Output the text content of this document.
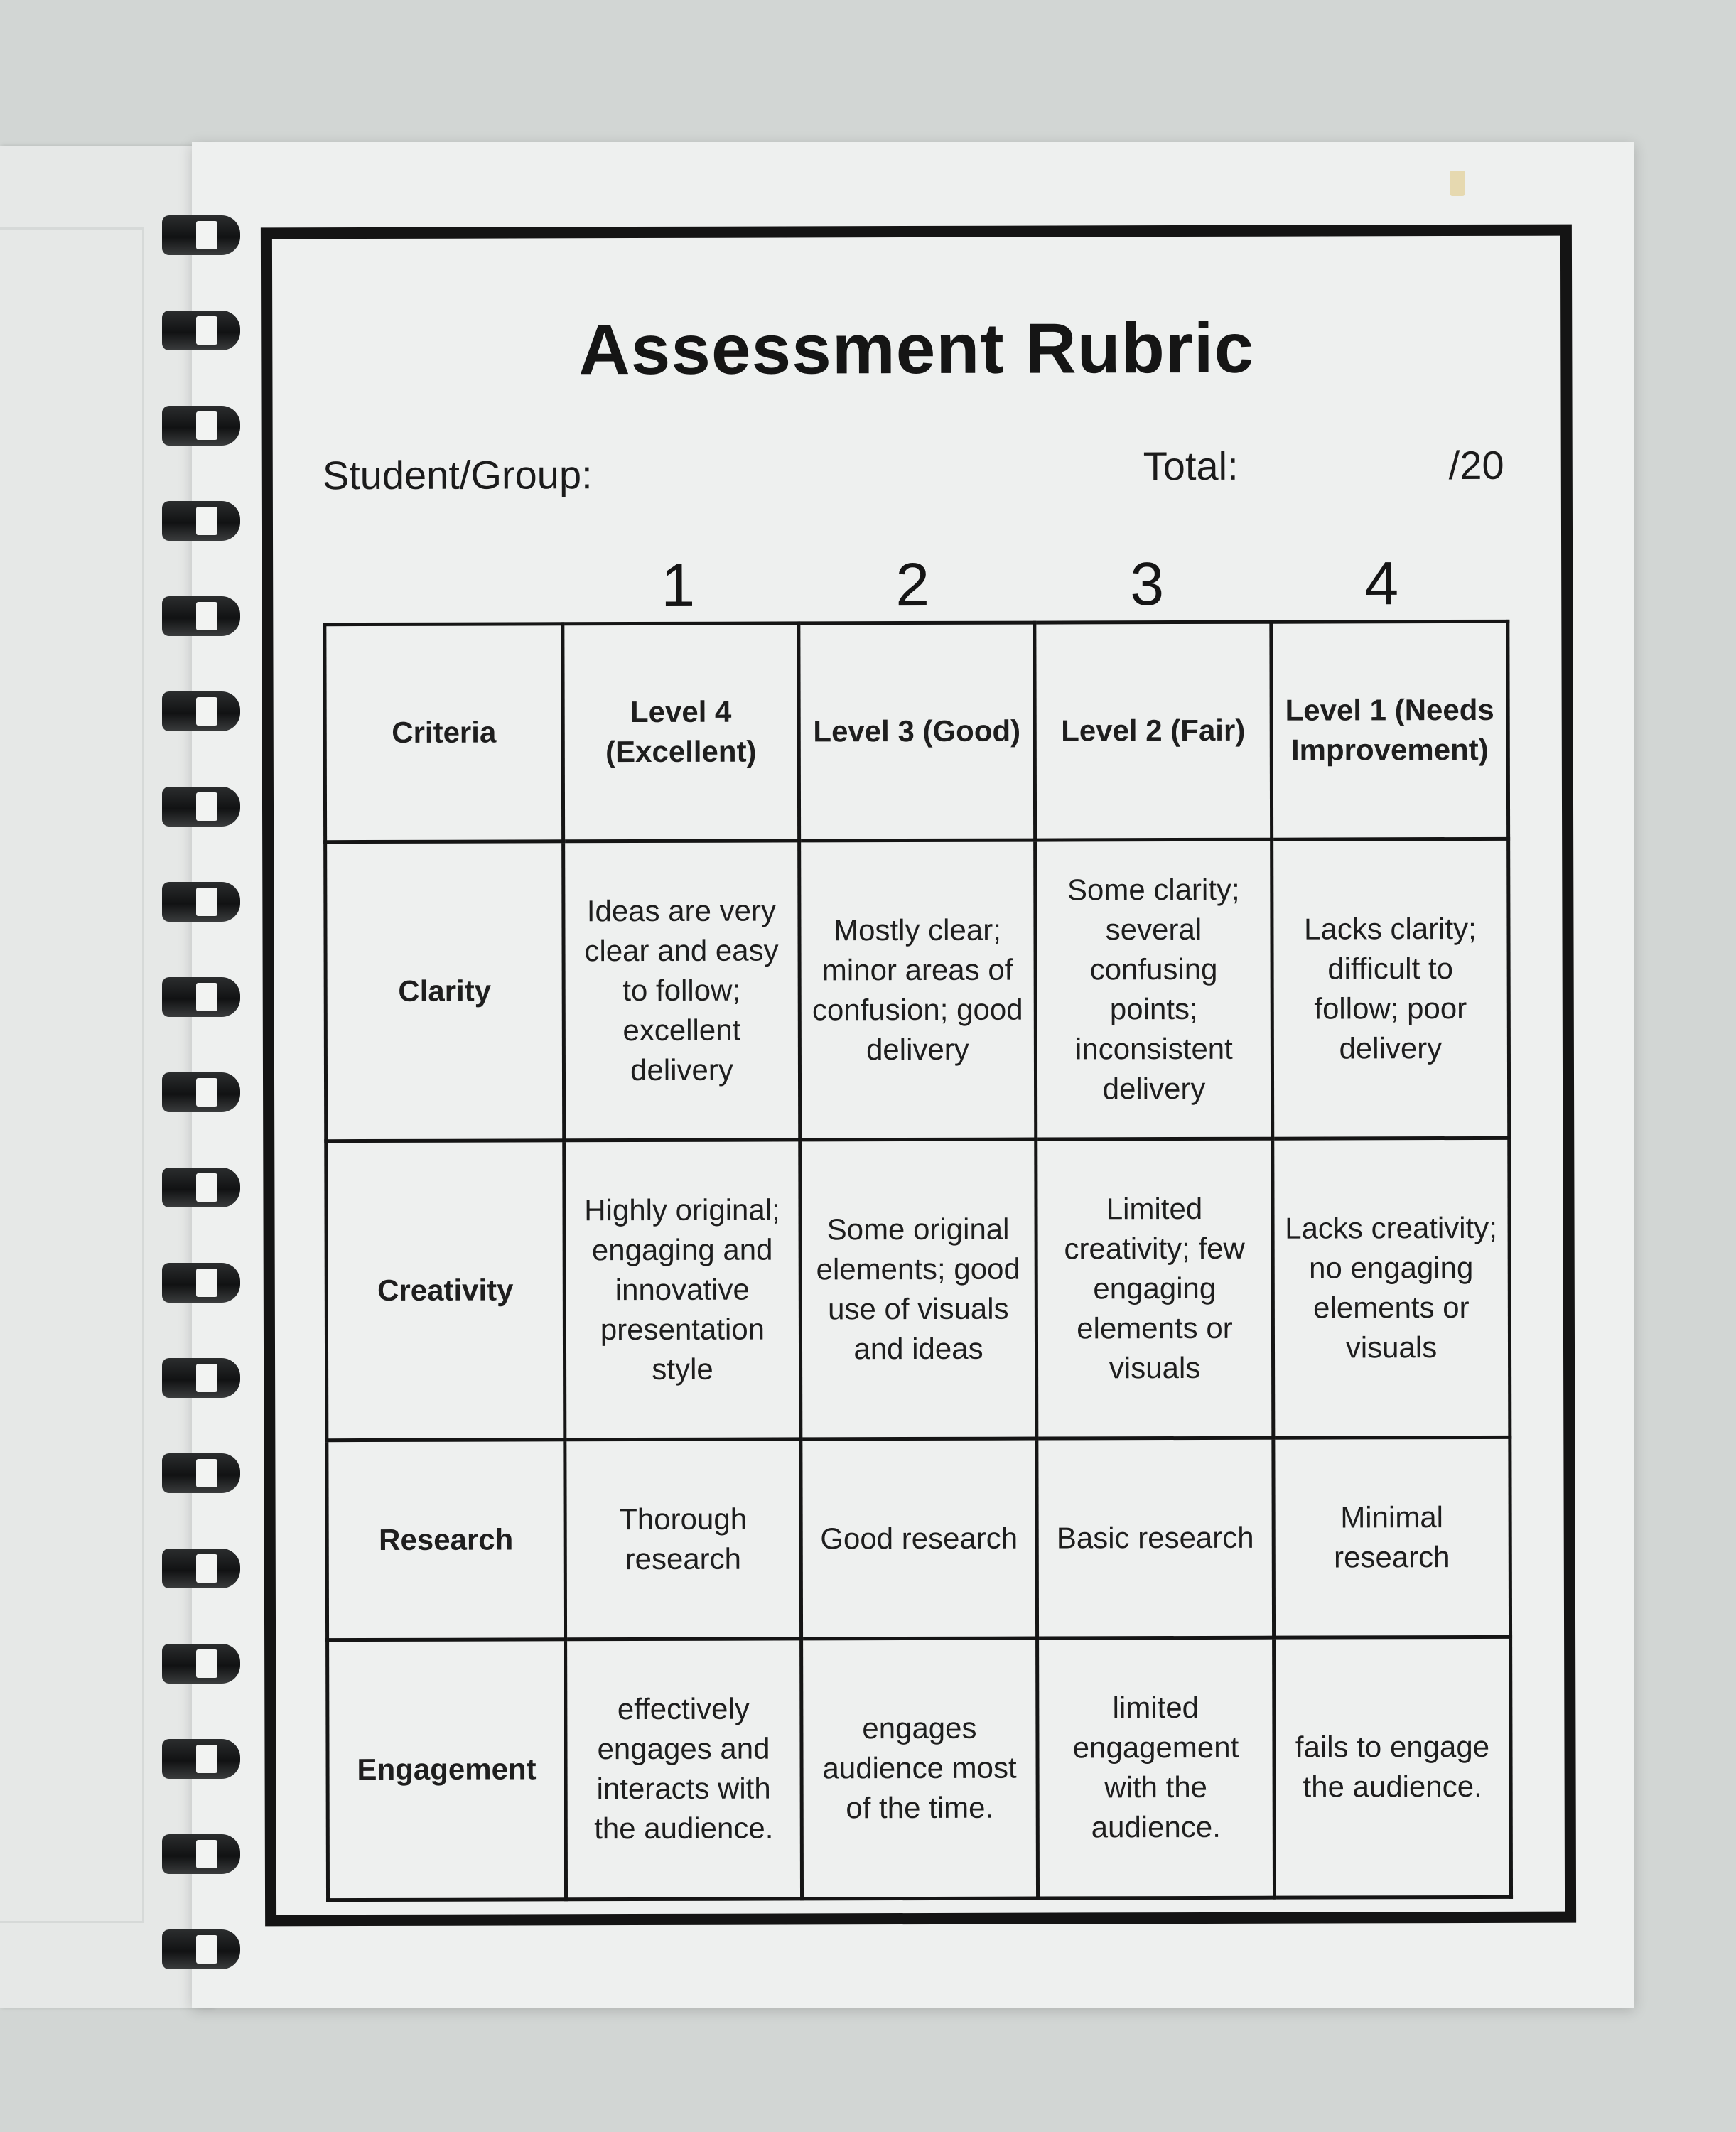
Assessment Rubric
Student/Group:	Total:	/20
1	2	3	4
Criteria	Level 4 (Excellent)	Level 3 (Good)	Level 2 (Fair)	Level 1 (Needs Improvement)
Clarity	Ideas are very clear and easy to follow; excellent delivery	Mostly clear; minor areas of confusion; good delivery	Some clarity; several confusing points; inconsistent delivery	Lacks clarity; difficult to follow; poor delivery
Creativity	Highly original; engaging and innovative presentation style	Some original elements; good use of visuals and ideas	Limited creativity; few engaging elements or visuals	Lacks creativity; no engaging elements or visuals
Research	Thorough research	Good research	Basic research	Minimal research
Engagement	effectively engages and interacts with the audience.	engages audience most of the time.	limited engagement with the audience.	fails to engage the audience.
